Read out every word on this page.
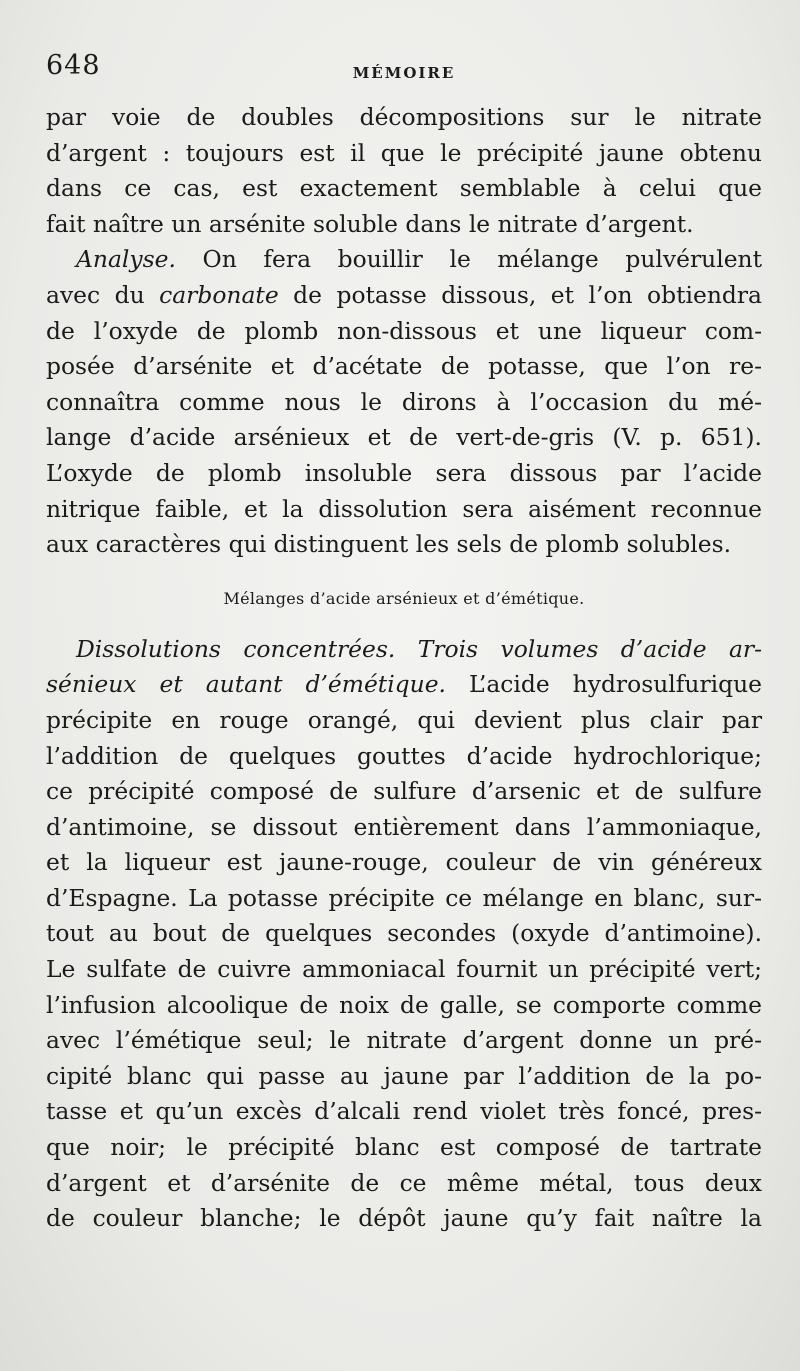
648	MÉMOIRE
par voie de doubles décompositions sur le nitrate
d’argent : toujours est il que le précipité jaune obtenu
dans ce cas, est exactement semblable à celui que
fait naître un arsénite soluble dans le nitrate d’argent.
Analyse. On fera bouillir le mélange pulvérulent
avec du carbonate de potasse dissous, et l’on obtiendra
de l’oxyde de plomb non-dissous et une liqueur com-
posée d’arsénite et d’acétate de potasse, que l’on re-
connaîtra comme nous le dirons à l’occasion du mé-
lange d’acide arsénieux et de vert-de-gris (V. p. 651).
L’oxyde de plomb insoluble sera dissous par l’acide
nitrique faible, et la dissolution sera aisément reconnue
aux caractères qui distinguent les sels de plomb solubles.
Mélanges d’acide arsénieux et d’émétique.
Dissolutions concentrées. Trois volumes d’acide ar-
sénieux et autant d’émétique. L’acide hydrosulfurique
précipite en rouge orangé, qui devient plus clair par
l’addition de quelques gouttes d’acide hydrochlorique;
ce précipité composé de sulfure d’arsenic et de sulfure
d’antimoine, se dissout entièrement dans l’ammoniaque,
et la liqueur est jaune-rouge, couleur de vin généreux
d’Espagne. La potasse précipite ce mélange en blanc, sur-
tout au bout de quelques secondes (oxyde d’antimoine).
Le sulfate de cuivre ammoniacal fournit un précipité vert;
l’infusion alcoolique de noix de galle, se comporte comme
avec l’émétique seul; le nitrate d’argent donne un pré-
cipité blanc qui passe au jaune par l’addition de la po-
tasse et qu’un excès d’alcali rend violet très foncé, pres-
que noir; le précipité blanc est composé de tartrate
d’argent et d’arsénite de ce même métal, tous deux
de couleur blanche; le dépôt jaune qu’y fait naître la
